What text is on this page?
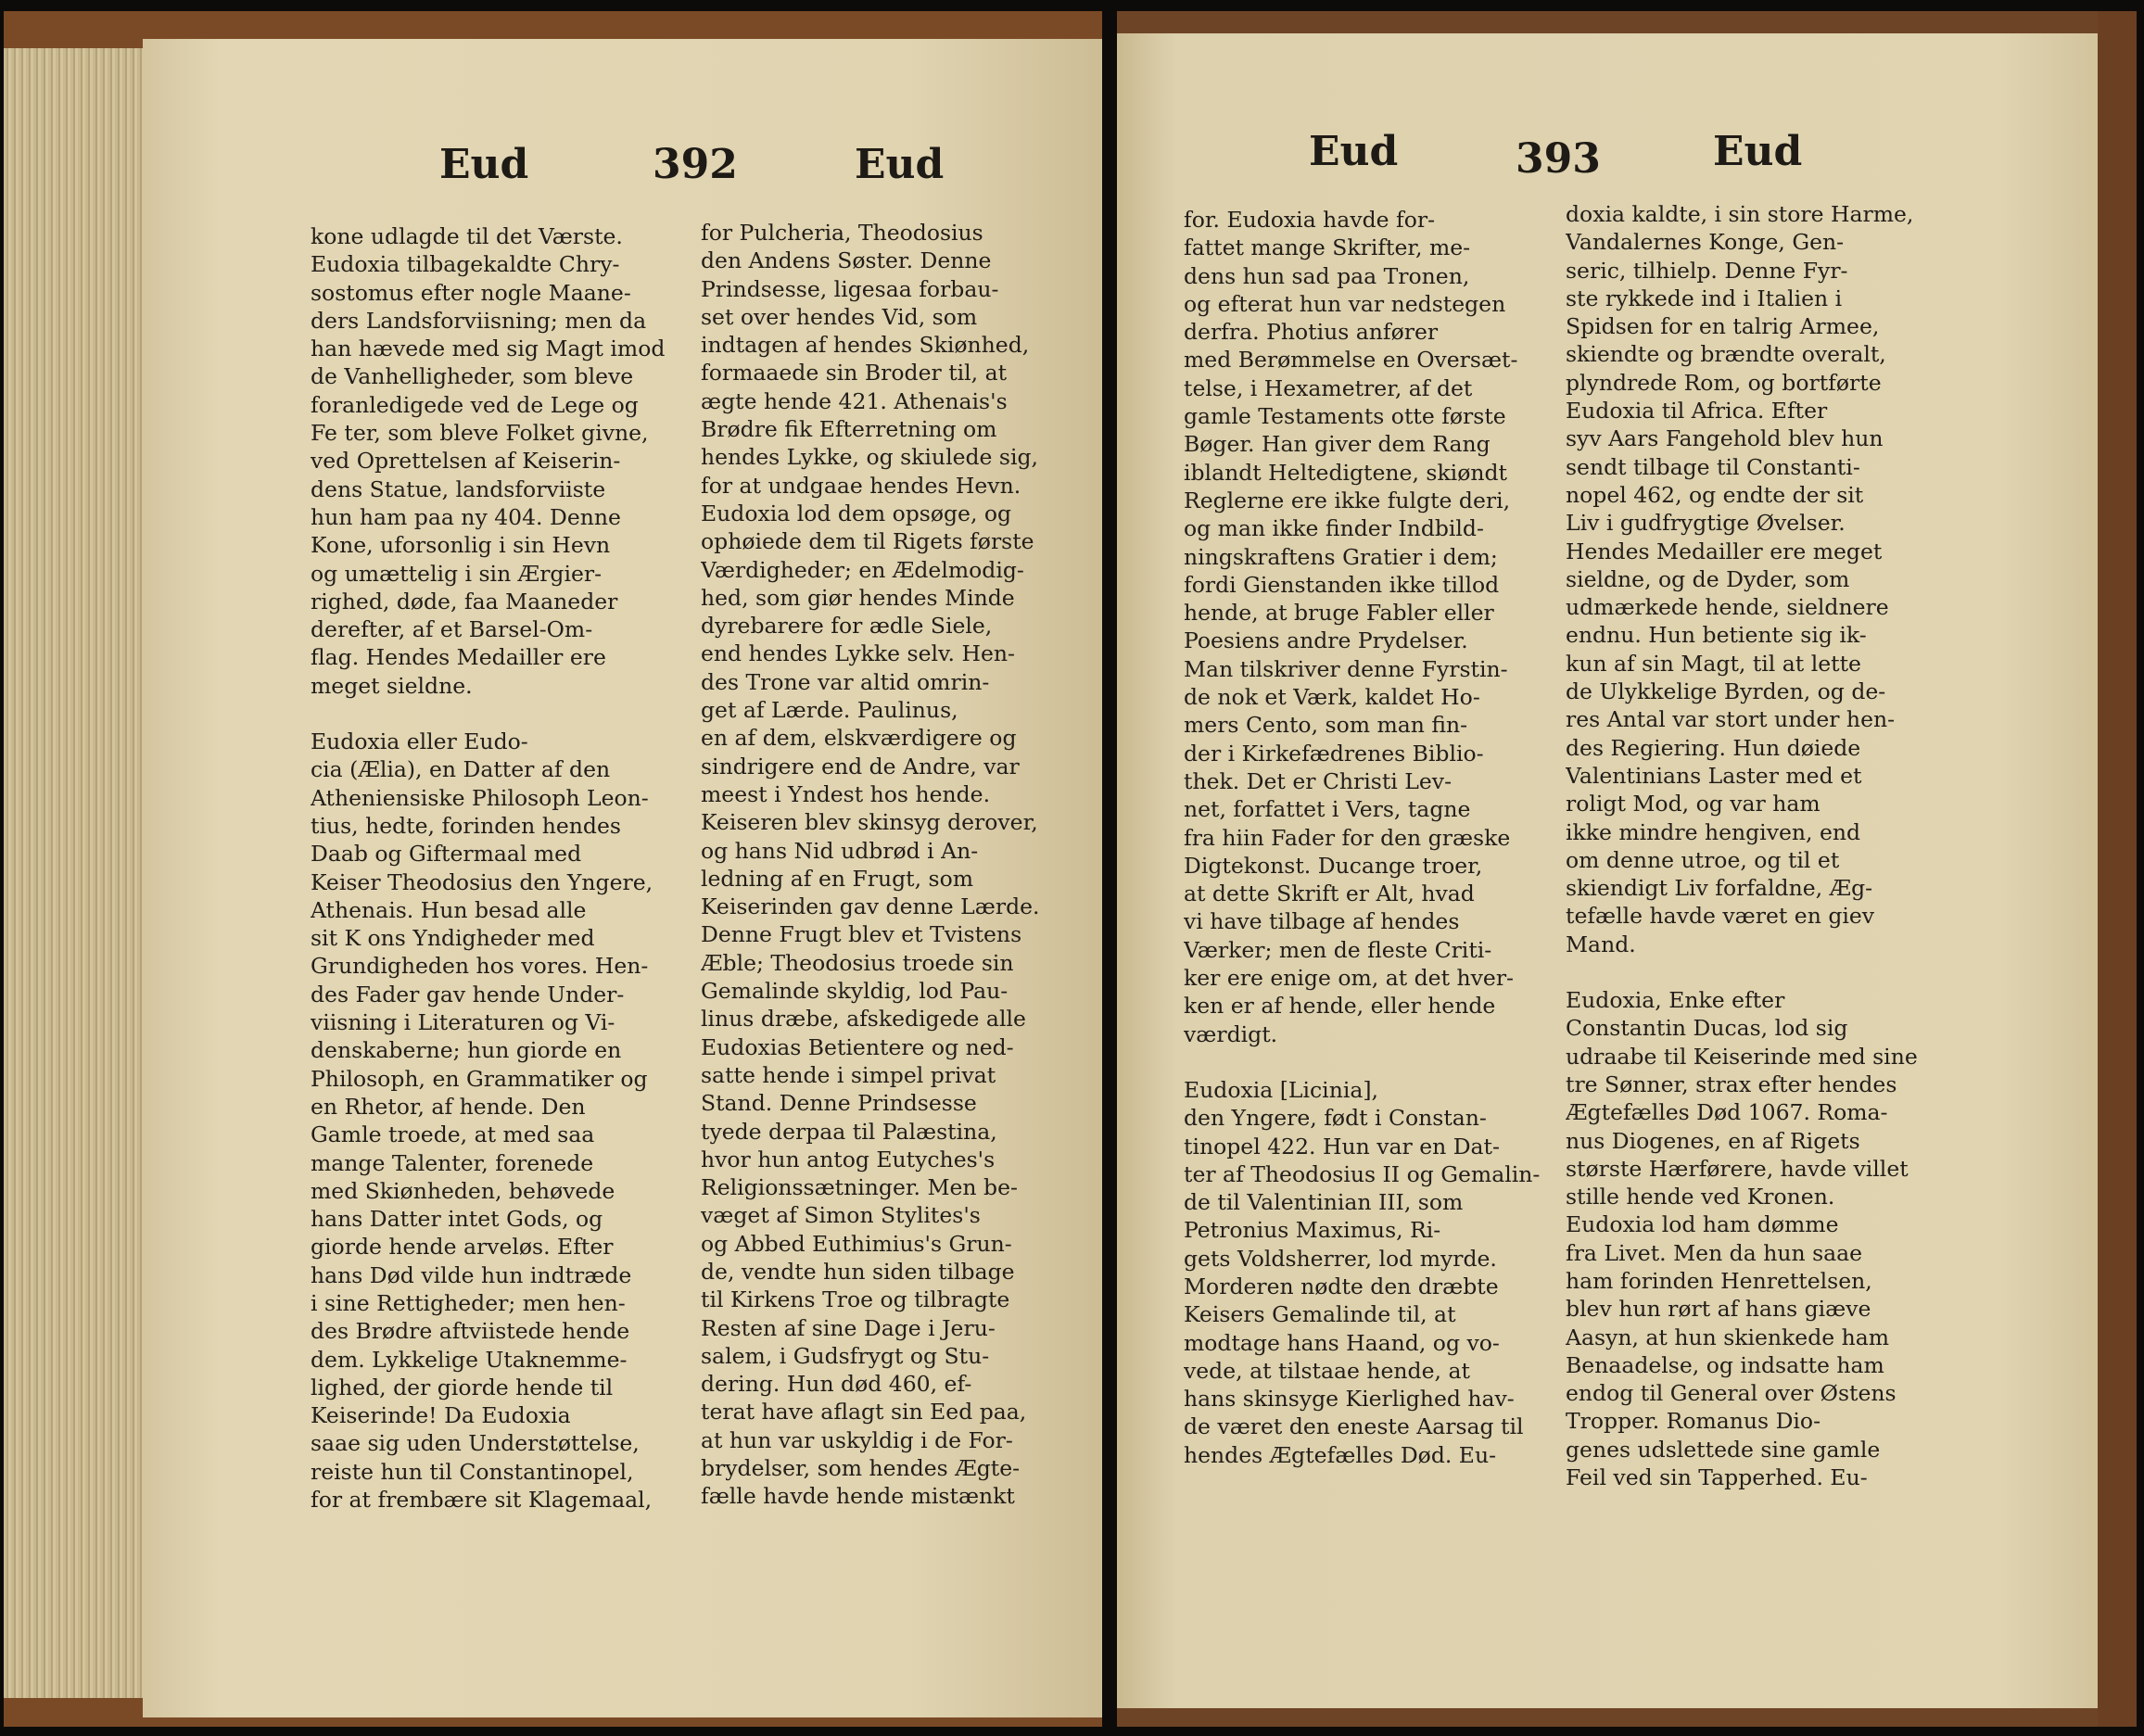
Eud	392	Eud
kone udlagde til det Værste.
Eudoxia tilbagekaldte Chry-
sostomus efter nogle Maane-
ders Landsforviisning; men da
han hævede med sig Magt imod
de Vanhelligheder, som bleve
foranledigede ved de Lege og
Fe ter, som bleve Folket givne,
ved Oprettelsen af Keiserin-
dens Statue, landsforviiste
hun ham paa ny 404. Denne
Kone, uforsonlig i sin Hevn
og umættelig i sin Ærgier-
righed, døde, faa Maaneder
derefter, af et Barsel-Om-
flag. Hendes Medailler ere
meget sieldne.
Eudoxia eller Eudo-
cia (Ælia), en Datter af den
Atheniensiske Philosoph Leon-
tius, hedte, forinden hendes
Daab og Giftermaal med
Keiser Theodosius den Yngere,
Athenais. Hun besad alle
sit K ons Yndigheder med
Grundigheden hos vores. Hen-
des Fader gav hende Under-
viisning i Literaturen og Vi-
denskaberne; hun giorde en
Philosoph, en Grammatiker og
en Rhetor, af hende. Den
Gamle troede, at med saa
mange Talenter, forenede
med Skiønheden, behøvede
hans Datter intet Gods, og
giorde hende arveløs. Efter
hans Død vilde hun indtræde
i sine Rettigheder; men hen-
des Brødre aftviistede hende
dem. Lykkelige Utaknemme-
lighed, der giorde hende til
Keiserinde! Da Eudoxia
saae sig uden Understøttelse,
reiste hun til Constantinopel,
for at frembære sit Klagemaal,
for Pulcheria, Theodosius
den Andens Søster. Denne
Prindsesse, ligesaa forbau-
set over hendes Vid, som
indtagen af hendes Skiønhed,
formaaede sin Broder til, at
ægte hende 421. Athenais's
Brødre fik Efterretning om
hendes Lykke, og skiulede sig,
for at undgaae hendes Hevn.
Eudoxia lod dem opsøge, og
ophøiede dem til Rigets første
Værdigheder; en Ædelmodig-
hed, som giør hendes Minde
dyrebarere for ædle Siele,
end hendes Lykke selv. Hen-
des Trone var altid omrin-
get af Lærde. Paulinus,
en af dem, elskværdigere og
sindrigere end de Andre, var
meest i Yndest hos hende.
Keiseren blev skinsyg derover,
og hans Nid udbrød i An-
ledning af en Frugt, som
Keiserinden gav denne Lærde.
Denne Frugt blev et Tvistens
Æble; Theodosius troede sin
Gemalinde skyldig, lod Pau-
linus dræbe, afskedigede alle
Eudoxias Betientere og ned-
satte hende i simpel privat
Stand. Denne Prindsesse
tyede derpaa til Palæstina,
hvor hun antog Eutyches's
Religionssætninger. Men be-
væget af Simon Stylites's
og Abbed Euthimius's Grun-
de, vendte hun siden tilbage
til Kirkens Troe og tilbragte
Resten af sine Dage i Jeru-
salem, i Gudsfrygt og Stu-
dering. Hun død 460, ef-
terat have aflagt sin Eed paa,
at hun var uskyldig i de For-
brydelser, som hendes Ægte-
fælle havde hende mistænkt
Eud	393	Eud
for. Eudoxia havde for-
fattet mange Skrifter, me-
dens hun sad paa Tronen,
og efterat hun var nedstegen
derfra. Photius anfører
med Berømmelse en Oversæt-
telse, i Hexametrer, af det
gamle Testaments otte første
Bøger. Han giver dem Rang
iblandt Heltedigtene, skiøndt
Reglerne ere ikke fulgte deri,
og man ikke finder Indbild-
ningskraftens Gratier i dem;
fordi Gienstanden ikke tillod
hende, at bruge Fabler eller
Poesiens andre Prydelser.
Man tilskriver denne Fyrstin-
de nok et Værk, kaldet Ho-
mers Cento, som man fin-
der i Kirkefædrenes Biblio-
thek. Det er Christi Lev-
net, forfattet i Vers, tagne
fra hiin Fader for den græske
Digtekonst. Ducange troer,
at dette Skrift er Alt, hvad
vi have tilbage af hendes
Værker; men de fleste Criti-
ker ere enige om, at det hver-
ken er af hende, eller hende
værdigt.
Eudoxia [Licinia],
den Yngere, født i Constan-
tinopel 422. Hun var en Dat-
ter af Theodosius II og Gemalin-
de til Valentinian III, som
Petronius Maximus, Ri-
gets Voldsherrer, lod myrde.
Morderen nødte den dræbte
Keisers Gemalinde til, at
modtage hans Haand, og vo-
vede, at tilstaae hende, at
hans skinsyge Kierlighed hav-
de været den eneste Aarsag til
hendes Ægtefælles Død. Eu-
doxia kaldte, i sin store Harme,
Vandalernes Konge, Gen-
seric, tilhielp. Denne Fyr-
ste rykkede ind i Italien i
Spidsen for en talrig Armee,
skiendte og brændte overalt,
plyndrede Rom, og bortførte
Eudoxia til Africa. Efter
syv Aars Fangehold blev hun
sendt tilbage til Constanti-
nopel 462, og endte der sit
Liv i gudfrygtige Øvelser.
Hendes Medailler ere meget
sieldne, og de Dyder, som
udmærkede hende, sieldnere
endnu. Hun betiente sig ik-
kun af sin Magt, til at lette
de Ulykkelige Byrden, og de-
res Antal var stort under hen-
des Regiering. Hun døiede
Valentinians Laster med et
roligt Mod, og var ham
ikke mindre hengiven, end
om denne utroe, og til et
skiendigt Liv forfaldne, Æg-
tefælle havde været en giev
Mand.
Eudoxia, Enke efter
Constantin Ducas, lod sig
udraabe til Keiserinde med sine
tre Sønner, strax efter hendes
Ægtefælles Død 1067. Roma-
nus Diogenes, en af Rigets
største Hærførere, havde villet
stille hende ved Kronen.
Eudoxia lod ham dømme
fra Livet. Men da hun saae
ham forinden Henrettelsen,
blev hun rørt af hans giæve
Aasyn, at hun skienkede ham
Benaadelse, og indsatte ham
endog til General over Østens
Tropper. Romanus Dio-
genes udslettede sine gamle
Feil ved sin Tapperhed. Eu-
